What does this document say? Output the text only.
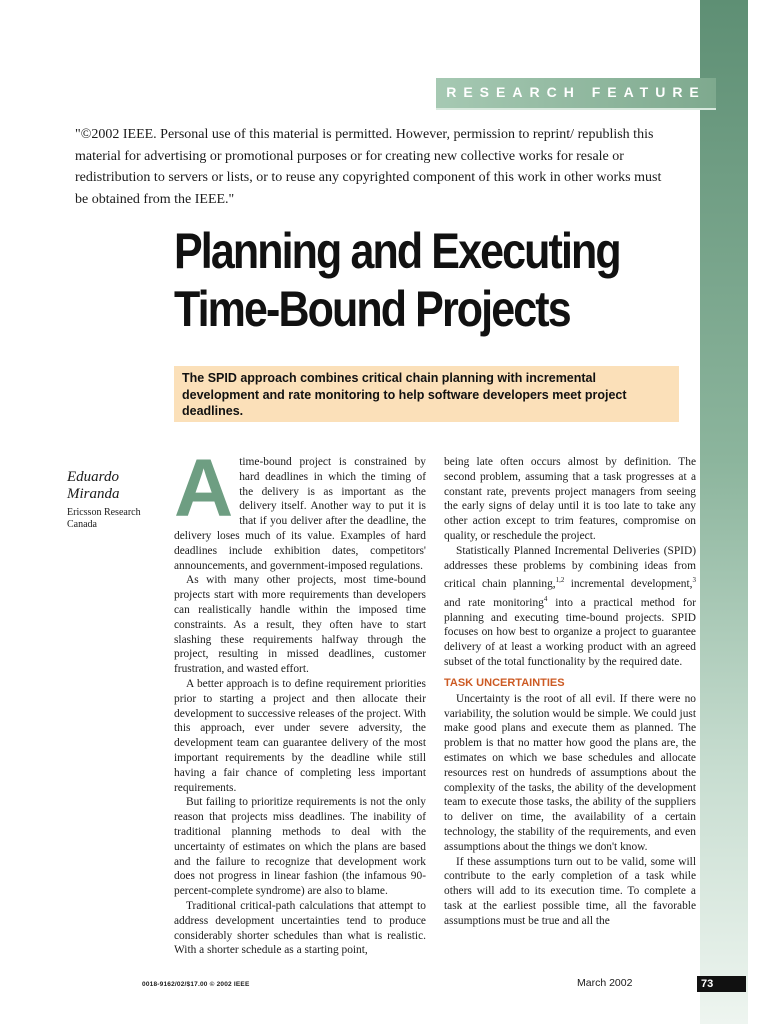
RESEARCH FEATURE

"©2002 IEEE. Personal use of this material is permitted. However, permission to reprint/ republish this material for advertising or promotional purposes or for creating new collective works for resale or redistribution to servers or lists, or to reuse any copyrighted component of this work in other works must be obtained from the IEEE."

Planning and Executing
Time-Bound Projects

The SPID approach combines critical chain planning with incremental development and rate monitoring to help software developers meet project deadlines.

Eduardo Miranda

Ericsson Research
Canada Atime-bound project is constrained by hard deadlines in which the timing of the delivery is as important as the delivery itself. Another way to put it is that if you deliver after the deadline, the delivery loses much of its value. Examples of hard deadlines include exhibition dates, competitors' announcements, and government-imposed regulations.

As with many other projects, most time-bound projects start with more requirements than developers can realistically handle within the imposed time constraints. As a result, they often have to start slashing these requirements halfway through the project, resulting in missed deadlines, customer frustration, and wasted effort.

A better approach is to define requirement priorities prior to starting a project and then allocate their development to successive releases of the project. With this approach, ever under severe adversity, the development team can guarantee delivery of the most important requirements by the deadline while still having a fair chance of completing less important requirements.

But failing to prioritize requirements is not the only reason that projects miss deadlines. The inability of traditional planning methods to deal with the uncertainty of estimates on which the plans are based and the failure to recognize that development work does not progress in linear fashion (the infamous 90-percent-complete syndrome) are also to blame.

Traditional critical-path calculations that attempt to address development uncertainties tend to produce considerably shorter schedules than what is realistic. With a shorter schedule as a starting point,

being late often occurs almost by definition. The second problem, assuming that a task progresses at a constant rate, prevents project managers from seeing the early signs of delay until it is too late to take any other action except to trim features, compromise on quality, or reschedule the project.

Statistically Planned Incremental Deliveries (SPID) addresses these problems by combining ideas from critical chain planning,$^{1,2}$ incremental development,$^3$ and rate monitoring$^4$ into a practical method for planning and executing time-bound projects. SPID focuses on how best to organize a project to guarantee delivery of at least a working product with an agreed subset of the total functionality by the required date.

TASK UNCERTAINTIES

Uncertainty is the root of all evil. If there were no variability, the solution would be simple. We could just make good plans and execute them as planned. The problem is that no matter how good the plans are, the estimates on which we base schedules and allocate resources rest on hundreds of assumptions about the complexity of the tasks, the ability of the development team to execute those tasks, the ability of the suppliers to deliver on time, the availability of a certain technology, the stability of the requirements, and even assumptions about the things we don't know.

If these assumptions turn out to be valid, some will contribute to the early completion of a task while others will add to its execution time. To complete a task at the earliest possible time, all the favorable assumptions must be true and all the

0018-9162/02/$17.00 © 2002 IEEE	March 2002	73
